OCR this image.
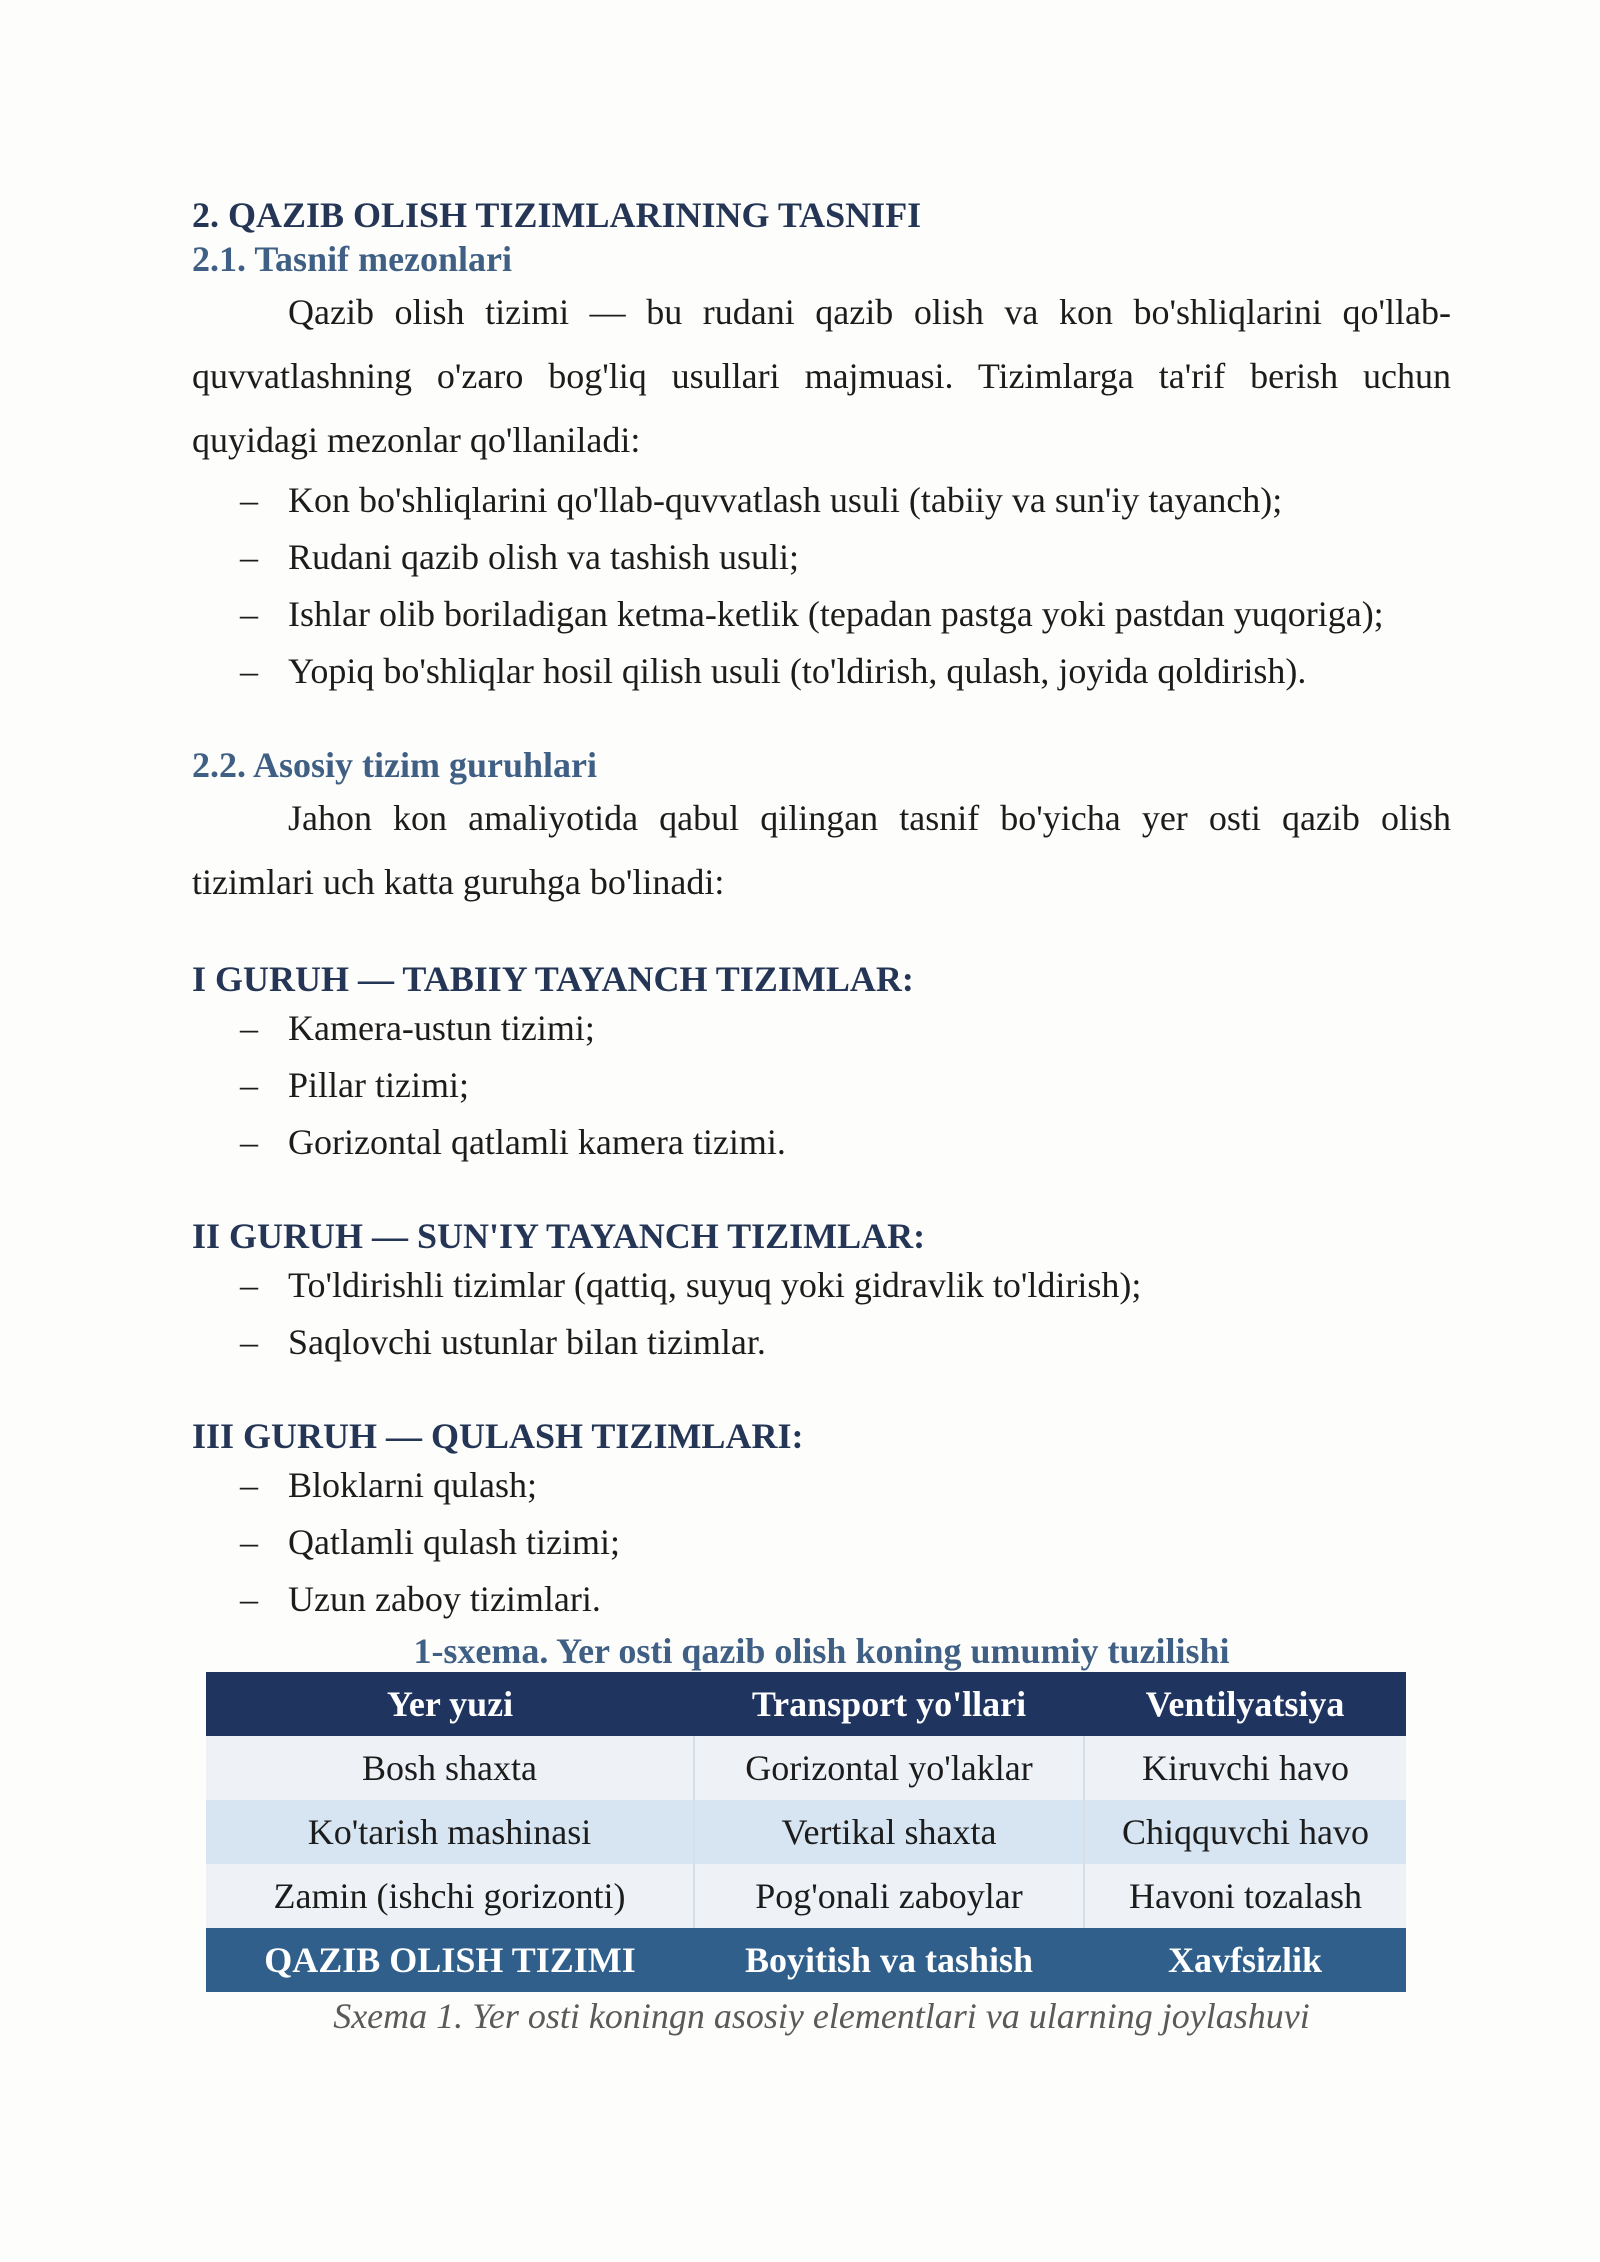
2. QAZIB OLISH TIZIMLARINING TASNIFI
2.1. Tasnif mezonlari

Qazib olish tizimi — bu rudani qazib olish va kon bo'shliqlarini qo'llab-quvvatlashning o'zaro bog'liq usullari majmuasi. Tizimlarga ta'rif berish uchun quyidagi mezonlar qo'llaniladi:

– Kon bo'shliqlarini qo'llab-quvvatlash usuli (tabiiy va sun'iy tayanch);
– Rudani qazib olish va tashish usuli;
– Ishlar olib boriladigan ketma-ketlik (tepadan pastga yoki pastdan yuqoriga);
– Yopiq bo'shliqlar hosil qilish usuli (to'ldirish, qulash, joyida qoldirish).
2.2. Asosiy tizim guruhlari

Jahon kon amaliyotida qabul qilingan tasnif bo'yicha yer osti qazib olish tizimlari uch katta guruhga bo'linadi:

I GURUH — TABIIY TAYANCH TIZIMLAR:
– Kamera-ustun tizimi;
– Pillar tizimi;
– Gorizontal qatlamli kamera tizimi.
II GURUH — SUN'IY TAYANCH TIZIMLAR:
– To'ldirishli tizimlar (qattiq, suyuq yoki gidravlik to'ldirish);
– Saqlovchi ustunlar bilan tizimlar.
III GURUH — QULASH TIZIMLARI:
– Bloklarni qulash;
– Qatlamli qulash tizimi;
– Uzun zaboy tizimlari.
1-sxema. Yer osti qazib olish koning umumiy tuzilishi
Yer yuzi	Transport yo'llari	Ventilyatsiya
Bosh shaxta	Gorizontal yo'laklar	Kiruvchi havo
Ko'tarish mashinasi	Vertikal shaxta	Chiqquvchi havo
Zamin (ishchi gorizonti)	Pog'onali zaboylar	Havoni tozalash
QAZIB OLISH TIZIMI	Boyitish va tashish	Xavfsizlik
Sxema 1. Yer osti koningn asosiy elementlari va ularning joylashuvi
